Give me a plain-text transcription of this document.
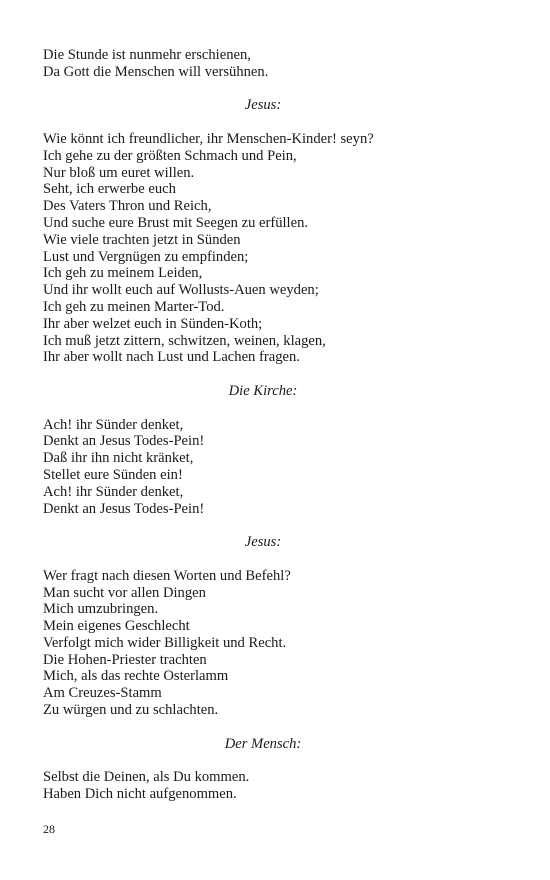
Die Stunde ist nunmehr erschienen,
Da Gott die Menschen will versühnen.
Jesus:
Wie könnt ich freundlicher, ihr Menschen-Kinder! seyn?
Ich gehe zu der größten Schmach und Pein,
Nur bloß um euret willen.
Seht, ich erwerbe euch
Des Vaters Thron und Reich,
Und suche eure Brust mit Seegen zu erfüllen.
Wie viele trachten jetzt in Sünden
Lust und Vergnügen zu empfinden;
Ich geh zu meinem Leiden,
Und ihr wollt euch auf Wollusts-Auen weyden;
Ich geh zu meinen Marter-Tod.
Ihr aber welzet euch in Sünden-Koth;
Ich muß jetzt zittern, schwitzen, weinen, klagen,
Ihr aber wollt nach Lust und Lachen fragen.
Die Kirche:
Ach! ihr Sünder denket,
Denkt an Jesus Todes-Pein!
Daß ihr ihn nicht kränket,
Stellet eure Sünden ein!
Ach! ihr Sünder denket,
Denkt an Jesus Todes-Pein!
Jesus:
Wer fragt nach diesen Worten und Befehl?
Man sucht vor allen Dingen
Mich umzubringen.
Mein eigenes Geschlecht
Verfolgt mich wider Billigkeit und Recht.
Die Hohen-Priester trachten
Mich, als das rechte Osterlamm
Am Creuzes-Stamm
Zu würgen und zu schlachten.
Der Mensch:
Selbst die Deinen, als Du kommen.
Haben Dich nicht aufgenommen.
28
